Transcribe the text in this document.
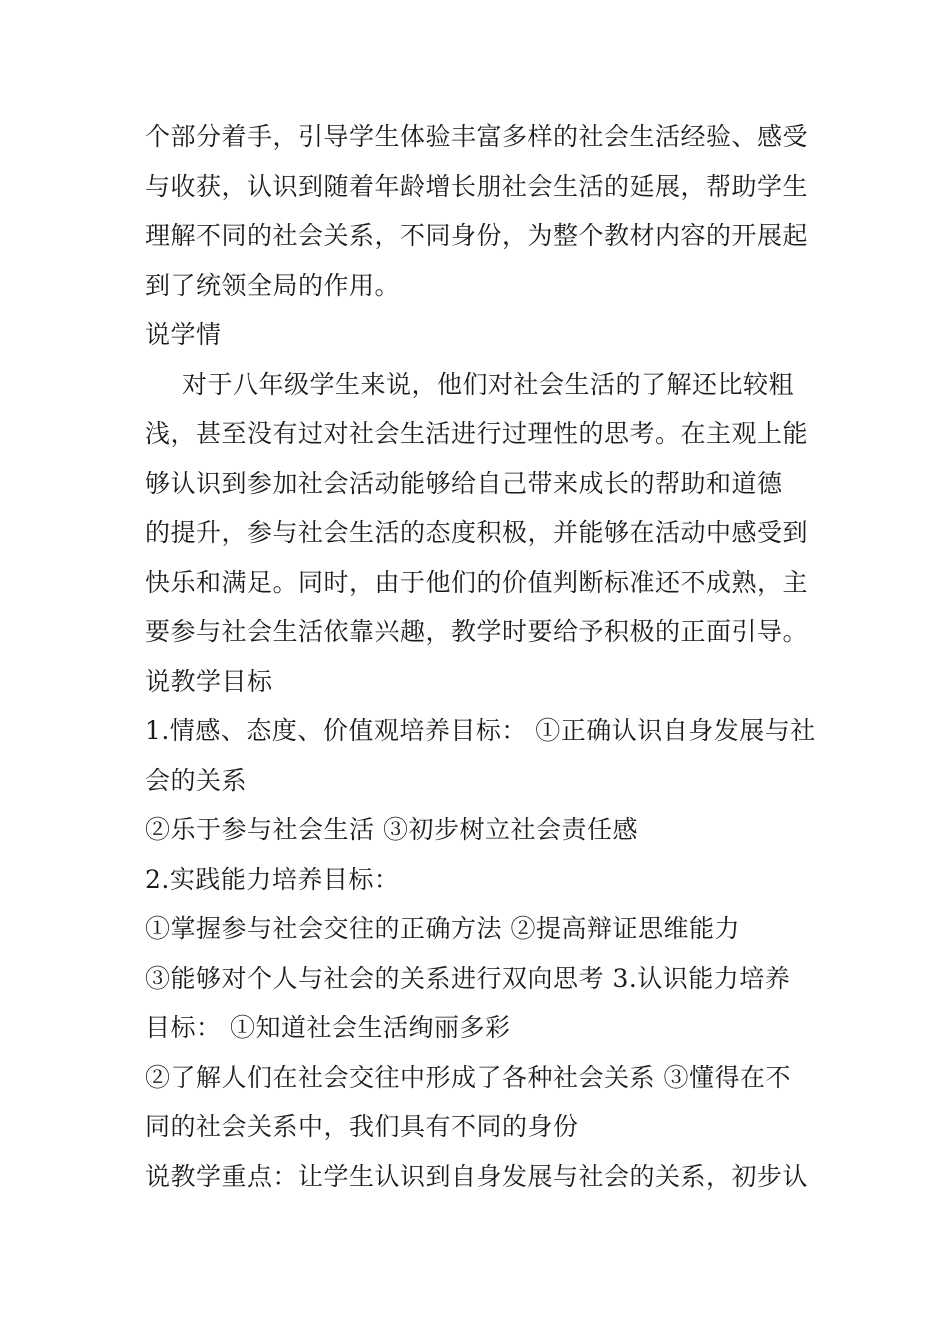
个部分着手，引导学生体验丰富多样的社会生活经验、感受
与收获，认识到随着年龄增长朋社会生活的延展，帮助学生
理解不同的社会关系，不同身份，为整个教材内容的开展起
到了统领全局的作用。
说学情
对于八年级学生来说，他们对社会生活的了解还比较粗
浅，甚至没有过对社会生活进行过理性的思考。在主观上能
够认识到参加社会活动能够给自己带来成长的帮助和道德
的提升，参与社会生活的态度积极，并能够在活动中感受到
快乐和满足。同时，由于他们的价值判断标准还不成熟，主
要参与社会生活依靠兴趣，教学时要给予积极的正面引导。
说教学目标
1.情感、态度、价值观培养目标： ①正确认识自身发展与社
会的关系
②乐于参与社会生活 ③初步树立社会责任感
2.实践能力培养目标：
①掌握参与社会交往的正确方法 ②提高辩证思维能力
③能够对个人与社会的关系进行双向思考 3.认识能力培养
目标： ①知道社会生活绚丽多彩
②了解人们在社会交往中形成了各种社会关系 ③懂得在不
同的社会关系中，我们具有不同的身份
说教学重点：让学生认识到自身发展与社会的关系，初步认
